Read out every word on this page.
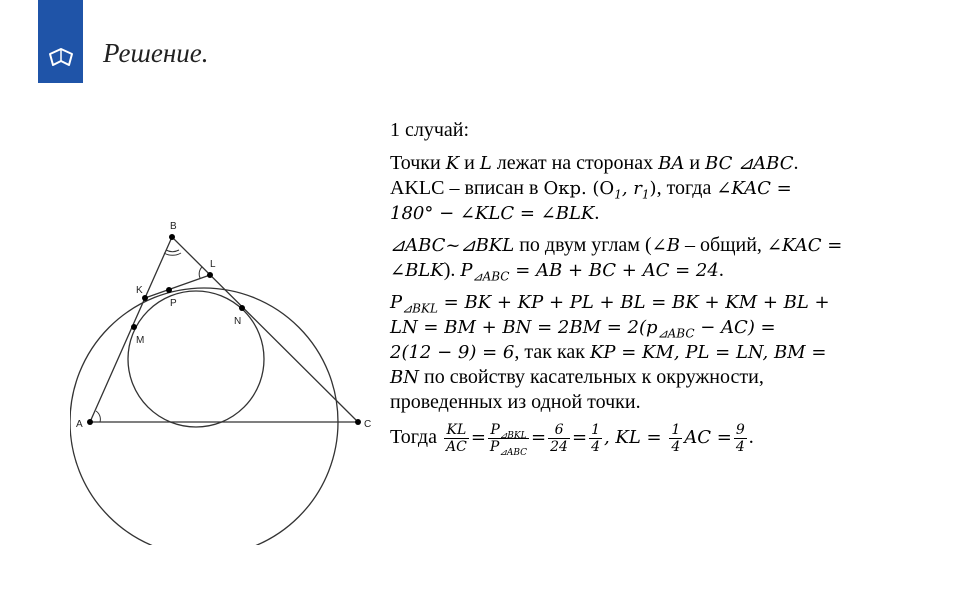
Решение.
A
B
C
K
L
M
N
P

1 случай:

Точки K и L лежат на сторонах BA и BC ⊿ABC.
AKLC – вписан в Окр. ($O_1$, $r_1$), тогда ∠KAC =
180° − ∠KLC = ∠BLK.

⊿ABC~⊿BKL по двум углам (∠B – общий, ∠KAC =
∠BLK). $P_{⊿ABC}$ = AB + BC + AC = 24.

$P_{⊿BKL}$ = BK + KP + PL + BL = BK + KM + BL +
LN = BM + BN = $2BM = 2(p_{⊿ABC} - AC)$ =
2(12 − 9) = 6, так как KP = KM, PL = LN, BM =
BN по свойству касательных к окружности,
проведенных из одной точки.

Тогда $\frac{KL}{AC} = \frac{P_{⊿BKL}}{P_{⊿ABC}} = \frac{6}{24} = \frac{1}{4}$ , KL = $\frac{1}{4}$ AC = $\frac{9}{4}$ .
